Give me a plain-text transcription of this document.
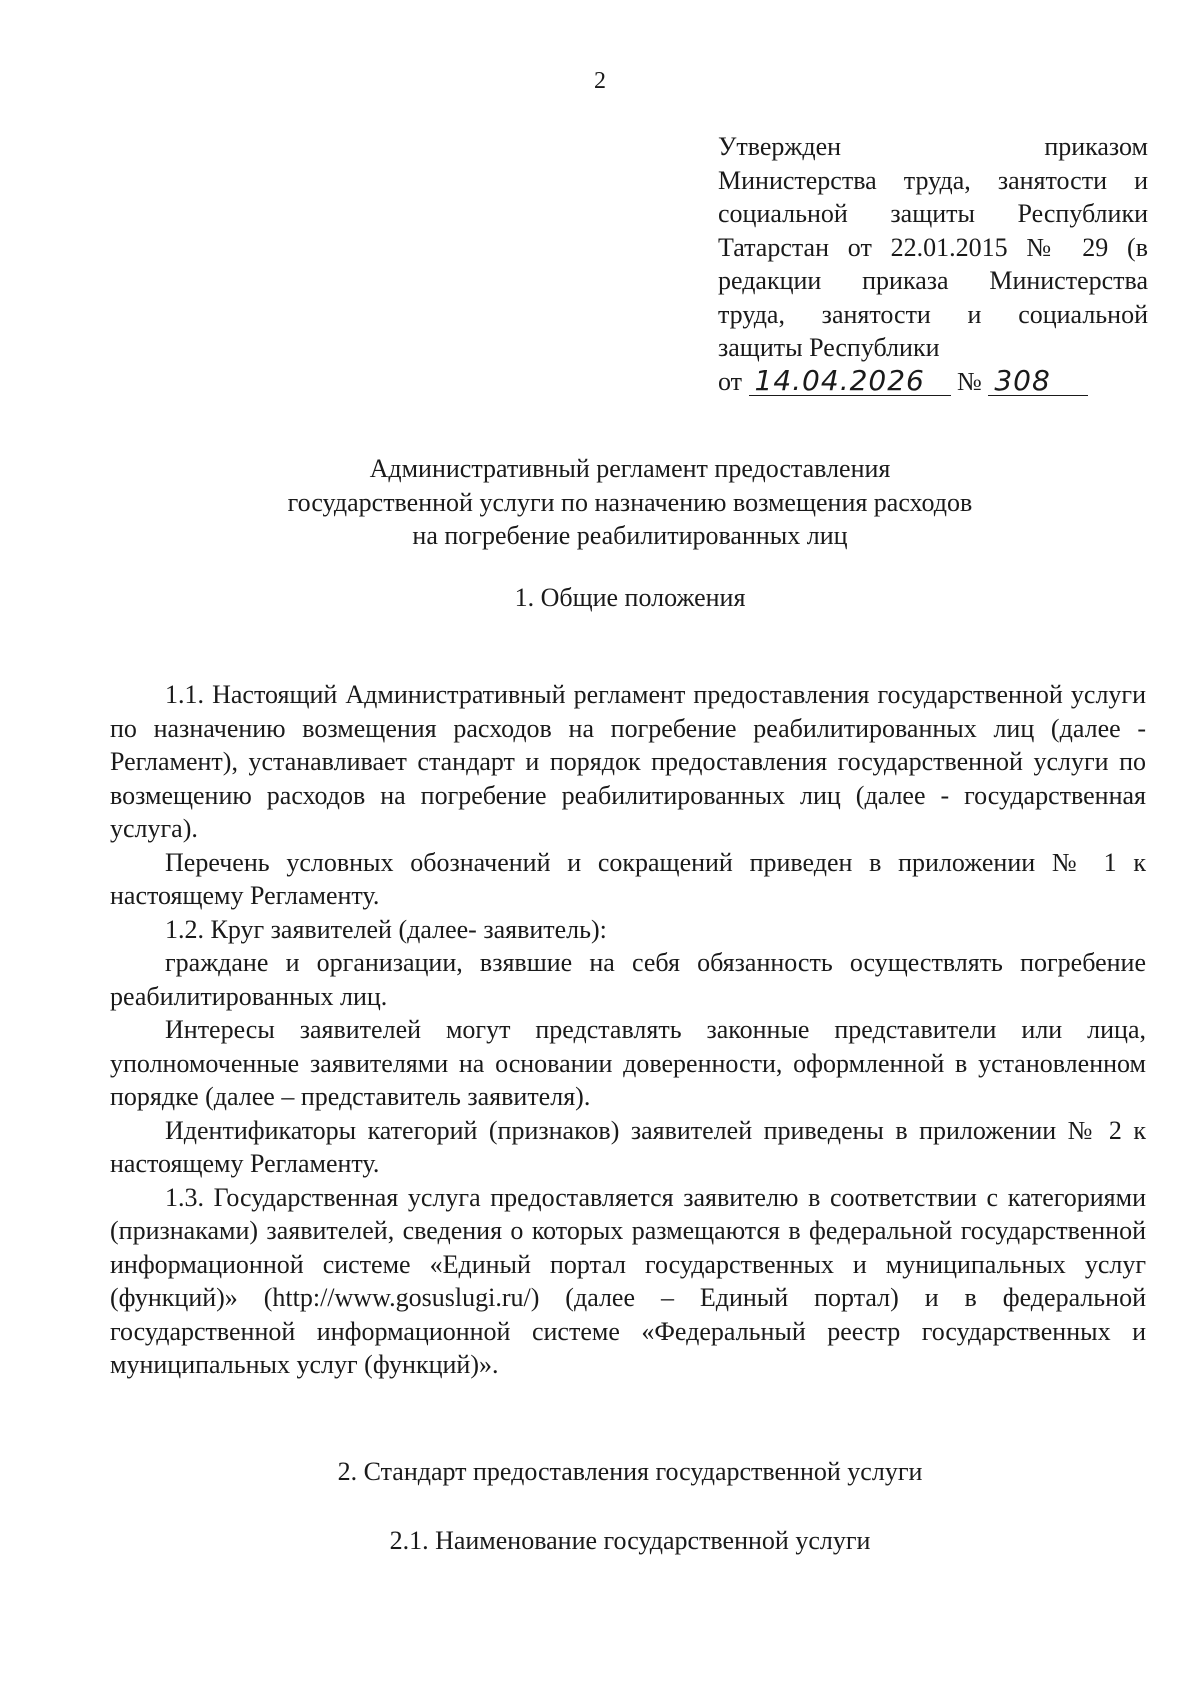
2
Утвержден приказом
Министерства труда, занятости и
социальной защиты Республики
Татарстан от 22.01.2015 № 29 (в
редакции приказа Министерства
труда, занятости и социальной
защиты Республики
от 14.04.2026 № 308
Административный регламент предоставления
государственной услуги по назначению возмещения расходов
на погребение реабилитированных лиц
1. Общие положения

1.1. Настоящий Административный регламент предоставления государственной услуги по назначению возмещения расходов на погребение реабилитированных лиц (далее - Регламент), устанавливает стандарт и порядок предоставления государственной услуги по возмещению расходов на погребение реабилитированных лиц (далее - государственная услуга).

Перечень условных обозначений и сокращений приведен в приложении № 1 к настоящему Регламенту.

1.2. Круг заявителей (далее- заявитель):

граждане и организации, взявшие на себя обязанность осуществлять погребение реабилитированных лиц.

Интересы заявителей могут представлять законные представители или лица, уполномоченные заявителями на основании доверенности, оформленной в установленном порядке (далее – представитель заявителя).

Идентификаторы категорий (признаков) заявителей приведены в приложении № 2 к настоящему Регламенту.

1.3. Государственная услуга предоставляется заявителю в соответствии с категориями (признаками) заявителей, сведения о которых размещаются в федеральной государственной информационной системе «Единый портал государственных и муниципальных услуг (функций)» (http://www.gosuslugi.ru/) (далее – Единый портал) и в федеральной государственной информационной системе «Федеральный реестр государственных и муниципальных услуг (функций)».

2. Стандарт предоставления государственной услуги
2.1. Наименование государственной услуги
